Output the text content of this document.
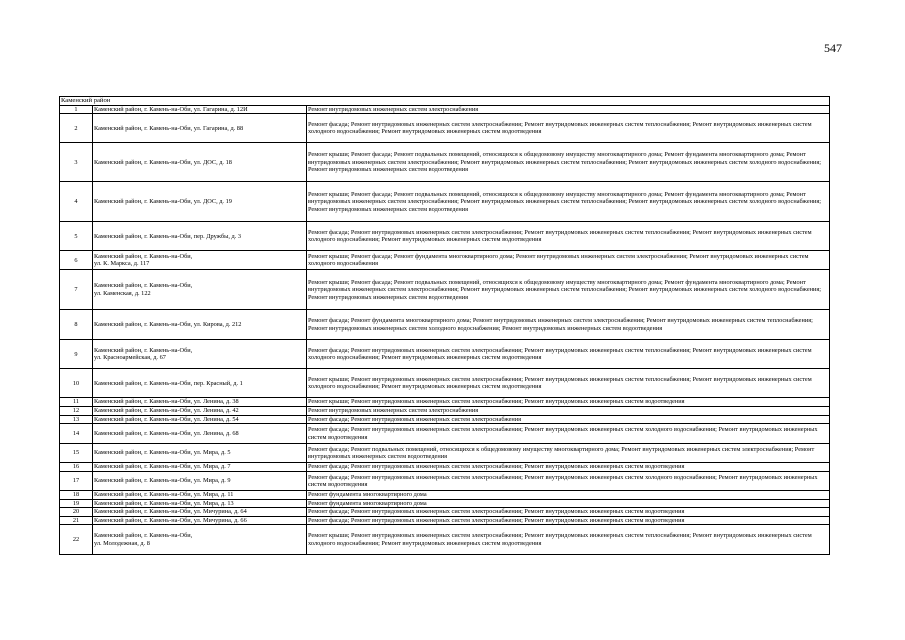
547
Каменский район		
1	Каменский район, г. Камень-на-Оби, ул. Гагарина, д. 12И	Ремонт внутридомовых инженерных систем электроснабжения
2	Каменский район, г. Камень-на-Оби, ул. Гагарина, д. 88	Ремонт фасада; Ремонт внутридомовых инженерных систем электроснабжения; Ремонт внутридомовых инженерных систем теплоснабжения; Ремонт внутридомовых инженерных систем холодного водоснабжения; Ремонт внутридомовых инженерных систем водоотведения
3	Каменский район, г. Камень-на-Оби, ул. ДОС, д. 18	Ремонт крыши; Ремонт фасада; Ремонт подвальных помещений, относящихся к общедомовому имуществу многоквартирного дома; Ремонт фундамента многоквартирного дома; Ремонт внутридомовых инженерных систем электроснабжения; Ремонт внутридомовых инженерных систем теплоснабжения; Ремонт внутридомовых инженерных систем холодного водоснабжения; Ремонт внутридомовых инженерных систем водоотведения
4	Каменский район, г. Камень-на-Оби, ул. ДОС, д. 19	Ремонт крыши; Ремонт фасада; Ремонт подвальных помещений, относящихся к общедомовому имуществу многоквартирного дома; Ремонт фундамента многоквартирного дома; Ремонт внутридомовых инженерных систем электроснабжения; Ремонт внутридомовых инженерных систем теплоснабжения; Ремонт внутридомовых инженерных систем холодного водоснабжения; Ремонт внутридомовых инженерных систем водоотведения
5	Каменский район, г. Камень-на-Оби, пер. Дружбы, д. 3	Ремонт фасада; Ремонт внутридомовых инженерных систем электроснабжения; Ремонт внутридомовых инженерных систем теплоснабжения; Ремонт внутридомовых инженерных систем холодного водоснабжения; Ремонт внутридомовых инженерных систем водоотведения
6	Каменский район, г. Камень-на-Оби,
ул. К. Маркса, д. 117	Ремонт крыши; Ремонт фасада; Ремонт фундамента многоквартирного дома; Ремонт внутридомовых инженерных систем электроснабжения; Ремонт внутридомовых инженерных систем холодного водоснабжения
7	Каменский район, г. Камень-на-Оби,
ул. Каменская, д. 122	Ремонт крыши; Ремонт фасада; Ремонт подвальных помещений, относящихся к общедомовому имуществу многоквартирного дома; Ремонт фундамента многоквартирного дома; Ремонт внутридомовых инженерных систем электроснабжения; Ремонт внутридомовых инженерных систем теплоснабжения; Ремонт внутридомовых инженерных систем холодного водоснабжения; Ремонт внутридомовых инженерных систем водоотведения
8	Каменский район, г. Камень-на-Оби, ул. Кирова, д. 212	Ремонт фасада; Ремонт фундамента многоквартирного дома; Ремонт внутридомовых инженерных систем электроснабжения; Ремонт внутридомовых инженерных систем теплоснабжения; Ремонт внутридомовых инженерных систем холодного водоснабжения; Ремонт внутридомовых инженерных систем водоотведения
9	Каменский район, г. Камень-на-Оби,
ул. Красноармейская, д. 67	Ремонт фасада; Ремонт внутридомовых инженерных систем электроснабжения; Ремонт внутридомовых инженерных систем теплоснабжения; Ремонт внутридомовых инженерных систем холодного водоснабжения; Ремонт внутридомовых инженерных систем водоотведения
10	Каменский район, г. Камень-на-Оби, пер. Красный, д. 1	Ремонт крыши; Ремонт внутридомовых инженерных систем электроснабжения; Ремонт внутридомовых инженерных систем теплоснабжения; Ремонт внутридомовых инженерных систем холодного водоснабжения; Ремонт внутридомовых инженерных систем водоотведения
11	Каменский район, г. Камень-на-Оби, ул. Ленина, д. 38	Ремонт крыши; Ремонт внутридомовых инженерных систем электроснабжения; Ремонт внутридомовых инженерных систем водоотведения
12	Каменский район, г. Камень-на-Оби, ул. Ленина, д. 42	Ремонт внутридомовых инженерных систем электроснабжения
13	Каменский район, г. Камень-на-Оби, ул. Ленина, д. 54	Ремонт фасада; Ремонт внутридомовых инженерных систем электроснабжения
14	Каменский район, г. Камень-на-Оби, ул. Ленина, д. 68	Ремонт фасада; Ремонт внутридомовых инженерных систем электроснабжения; Ремонт внутридомовых инженерных систем холодного водоснабжения; Ремонт внутридомовых инженерных систем водоотведения
15	Каменский район, г. Камень-на-Оби, ул. Мира, д. 5	Ремонт фасада; Ремонт подвальных помещений, относящихся к общедомовому имуществу многоквартирного дома; Ремонт внутридомовых инженерных систем электроснабжения; Ремонт внутридомовых инженерных систем водоотведения
16	Каменский район, г. Камень-на-Оби, ул. Мира, д. 7	Ремонт фасада; Ремонт внутридомовых инженерных систем электроснабжения; Ремонт внутридомовых инженерных систем водоотведения
17	Каменский район, г. Камень-на-Оби, ул. Мира, д. 9	Ремонт фасада; Ремонт внутридомовых инженерных систем электроснабжения; Ремонт внутридомовых инженерных систем холодного водоснабжения; Ремонт внутридомовых инженерных систем водоотведения
18	Каменский район, г. Камень-на-Оби, ул. Мира, д. 11	Ремонт фундамента многоквартирного дома
19	Каменский район, г. Камень-на-Оби, ул. Мира, д. 13	Ремонт фундамента многоквартирного дома
20	Каменский район, г. Камень-на-Оби, ул. Мичурина, д. 64	Ремонт фасада; Ремонт внутридомовых инженерных систем электроснабжения; Ремонт внутридомовых инженерных систем водоотведения
21	Каменский район, г. Камень-на-Оби, ул. Мичурина, д. 66	Ремонт фасада; Ремонт внутридомовых инженерных систем электроснабжения; Ремонт внутридомовых инженерных систем водоотведения
22	Каменский район, г. Камень-на-Оби,
ул. Молодежная, д. 8	Ремонт крыши; Ремонт внутридомовых инженерных систем электроснабжения; Ремонт внутридомовых инженерных систем теплоснабжения; Ремонт внутридомовых инженерных систем холодного водоснабжения; Ремонт внутридомовых инженерных систем водоотведения
